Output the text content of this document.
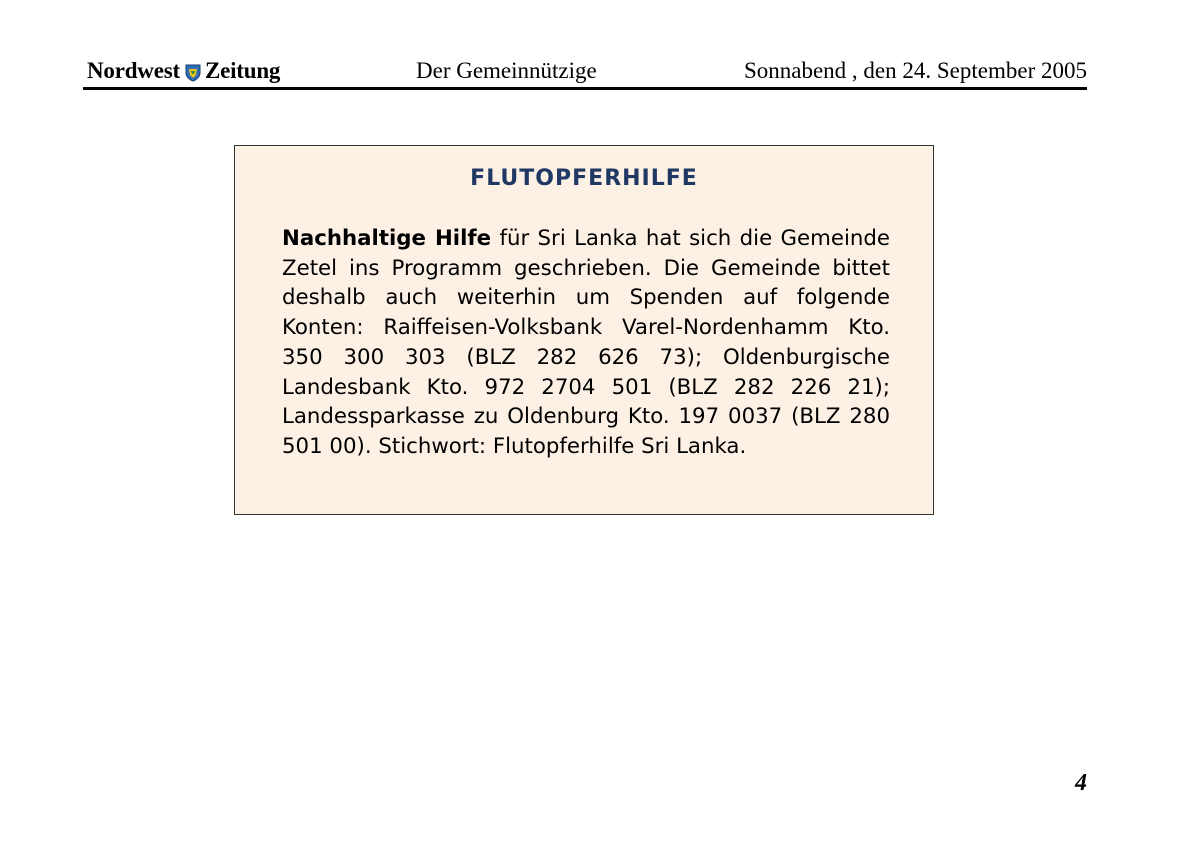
Nordwest Zeitung	Der Gemeinnützige	Sonnabend , den 24. September 2005
FLUTOPFERHILFE
Nachhaltige Hilfe für Sri Lanka hat sich die Gemeinde Zetel ins Programm geschrieben. Die Gemeinde bittet deshalb auch weiterhin um Spenden auf folgende Konten: Raiffeisen-Volksbank Varel-Nordenhamm Kto. 350 300 303 (BLZ 282 626 73); Oldenburgische Landesbank Kto. 972 2704 501 (BLZ 282 226 21); Landessparkasse zu Oldenburg Kto. 197 0037 (BLZ 280 501 00). Stichwort: Flutopferhilfe Sri Lanka.
4
